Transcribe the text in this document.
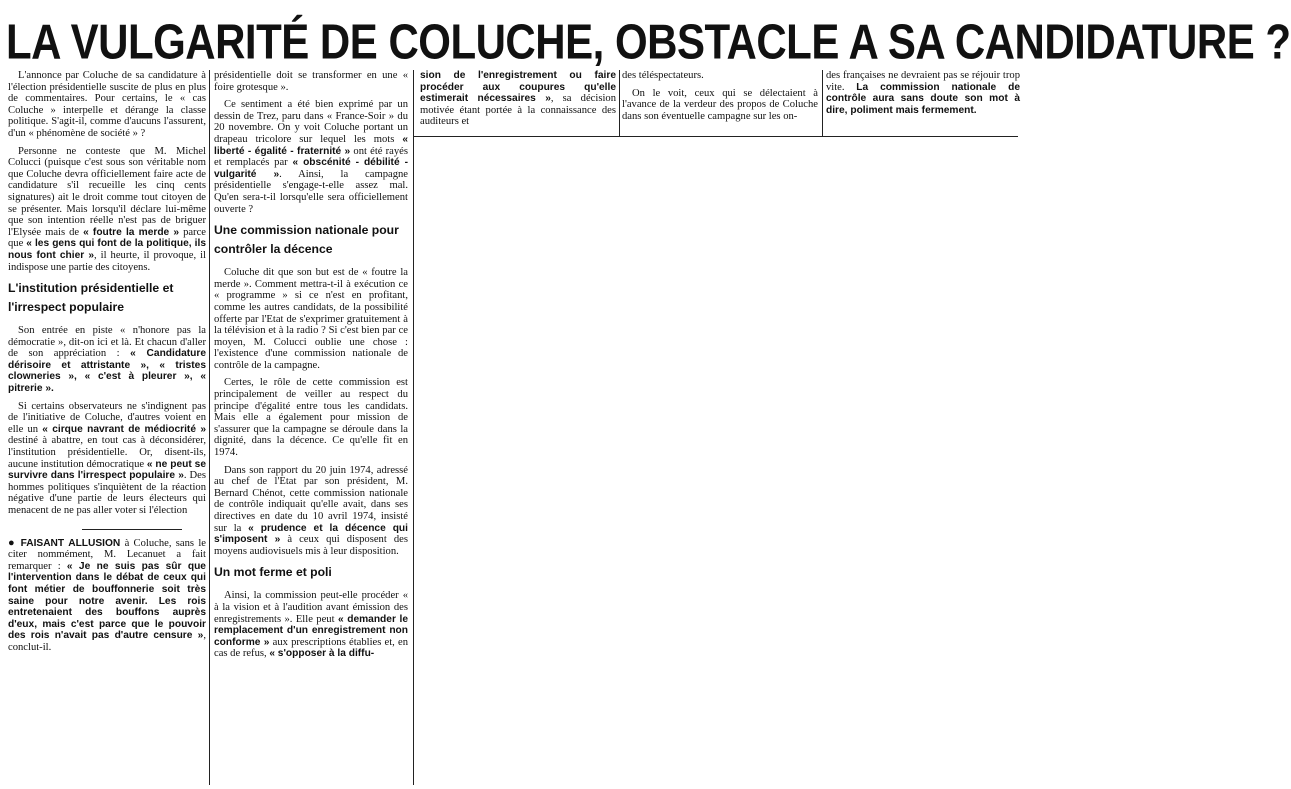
LA VULGARITÉ DE COLUCHE, OBSTACLE A SA CANDIDATURE ?

L'annonce par Coluche de sa candidature à l'élection présidentielle suscite de plus en plus de commentaires. Pour certains, le « cas Coluche » interpelle et dérange la classe politique. S'agit-il, comme d'aucuns l'assurent, d'un « phénomène de société » ?

Personne ne conteste que M. Michel Colucci (puisque c'est sous son véritable nom que Coluche devra officiellement faire acte de candidature s'il recueille les cinq cents signatures) ait le droit comme tout citoyen de se présenter. Mais lorsqu'il déclare lui-même que son intention réelle n'est pas de briguer l'Elysée mais de « foutre la merde » parce que « les gens qui font de la politique, ils nous font chier », il heurte, il provoque, il indispose une partie des citoyens.

L'institution présidentielle et l'irrespect populaire

Son entrée en piste « n'honore pas la démocratie », dit-on ici et là. Et chacun d'aller de son appréciation : « Candidature dérisoire et attristante », « tristes clowneries », « c'est à pleurer », « pitrerie ».

Si certains observateurs ne s'indignent pas de l'initiative de Coluche, d'autres voient en elle un « cirque navrant de médiocrité » destiné à abattre, en tout cas à déconsidérer, l'institution présidentielle. Or, disent-ils, aucune institution démocratique « ne peut se survivre dans l'irrespect populaire ». Des hommes politiques s'inquiètent de la réaction négative d'une partie de leurs électeurs qui menacent de ne pas aller voter si l'élection

● FAISANT ALLUSION à Coluche, sans le citer nommément, M. Lecanuet a fait remarquer : « Je ne suis pas sûr que l'intervention dans le débat de ceux qui font métier de bouffonnerie soit très saine pour notre avenir. Les rois entretenaient des bouffons auprès d'eux, mais c'est parce que le pouvoir des rois n'avait pas d'autre censure », conclut-il.

présidentielle doit se transformer en une « foire grotesque ».

Ce sentiment a été bien exprimé par un dessin de Trez, paru dans « France-Soir » du 20 novembre. On y voit Coluche portant un drapeau tricolore sur lequel les mots « liberté - égalité - fraternité » ont été rayés et remplacés par « obscénité - débilité - vulgarité ». Ainsi, la campagne présidentielle s'engage-t-elle assez mal. Qu'en sera-t-il lorsqu'elle sera officiellement ouverte ?

Une commission nationale pour contrôler la décence

Coluche dit que son but est de « foutre la merde ». Comment mettra-t-il à exécution ce « programme » si ce n'est en profitant, comme les autres candidats, de la possibilité offerte par l'Etat de s'exprimer gratuitement à la télévision et à la radio ? Si c'est bien par ce moyen, M. Colucci oublie une chose : l'existence d'une commission nationale de contrôle de la campagne.

Certes, le rôle de cette commission est principalement de veiller au respect du principe d'égalité entre tous les candidats. Mais elle a également pour mission de s'assurer que la campagne se déroule dans la dignité, dans la décence. Ce qu'elle fit en 1974.

Dans son rapport du 20 juin 1974, adressé au chef de l'Etat par son président, M. Bernard Chénot, cette commission nationale de contrôle indiquait qu'elle avait, dans ses directives en date du 10 avril 1974, insisté sur la « prudence et la décence qui s'imposent » à ceux qui disposent des moyens audiovisuels mis à leur disposition.

Un mot ferme et poli

Ainsi, la commission peut-elle procéder « à la vision et à l'audition avant émission des enregistrements ». Elle peut « demander le remplacement d'un enregistrement non conforme » aux prescriptions établies et, en cas de refus, « s'opposer à la diffu-

sion de l'enregistrement ou faire procéder aux coupures qu'elle estimerait nécessaires », sa décision motivée étant portée à la connaissance des auditeurs et

des téléspectateurs.

On le voit, ceux qui se délectaient à l'avance de la verdeur des propos de Coluche dans son éventuelle campagne sur les on-

des françaises ne devraient pas se réjouir trop vite. La commission nationale de contrôle aura sans doute son mot à dire, poliment mais fermement.
